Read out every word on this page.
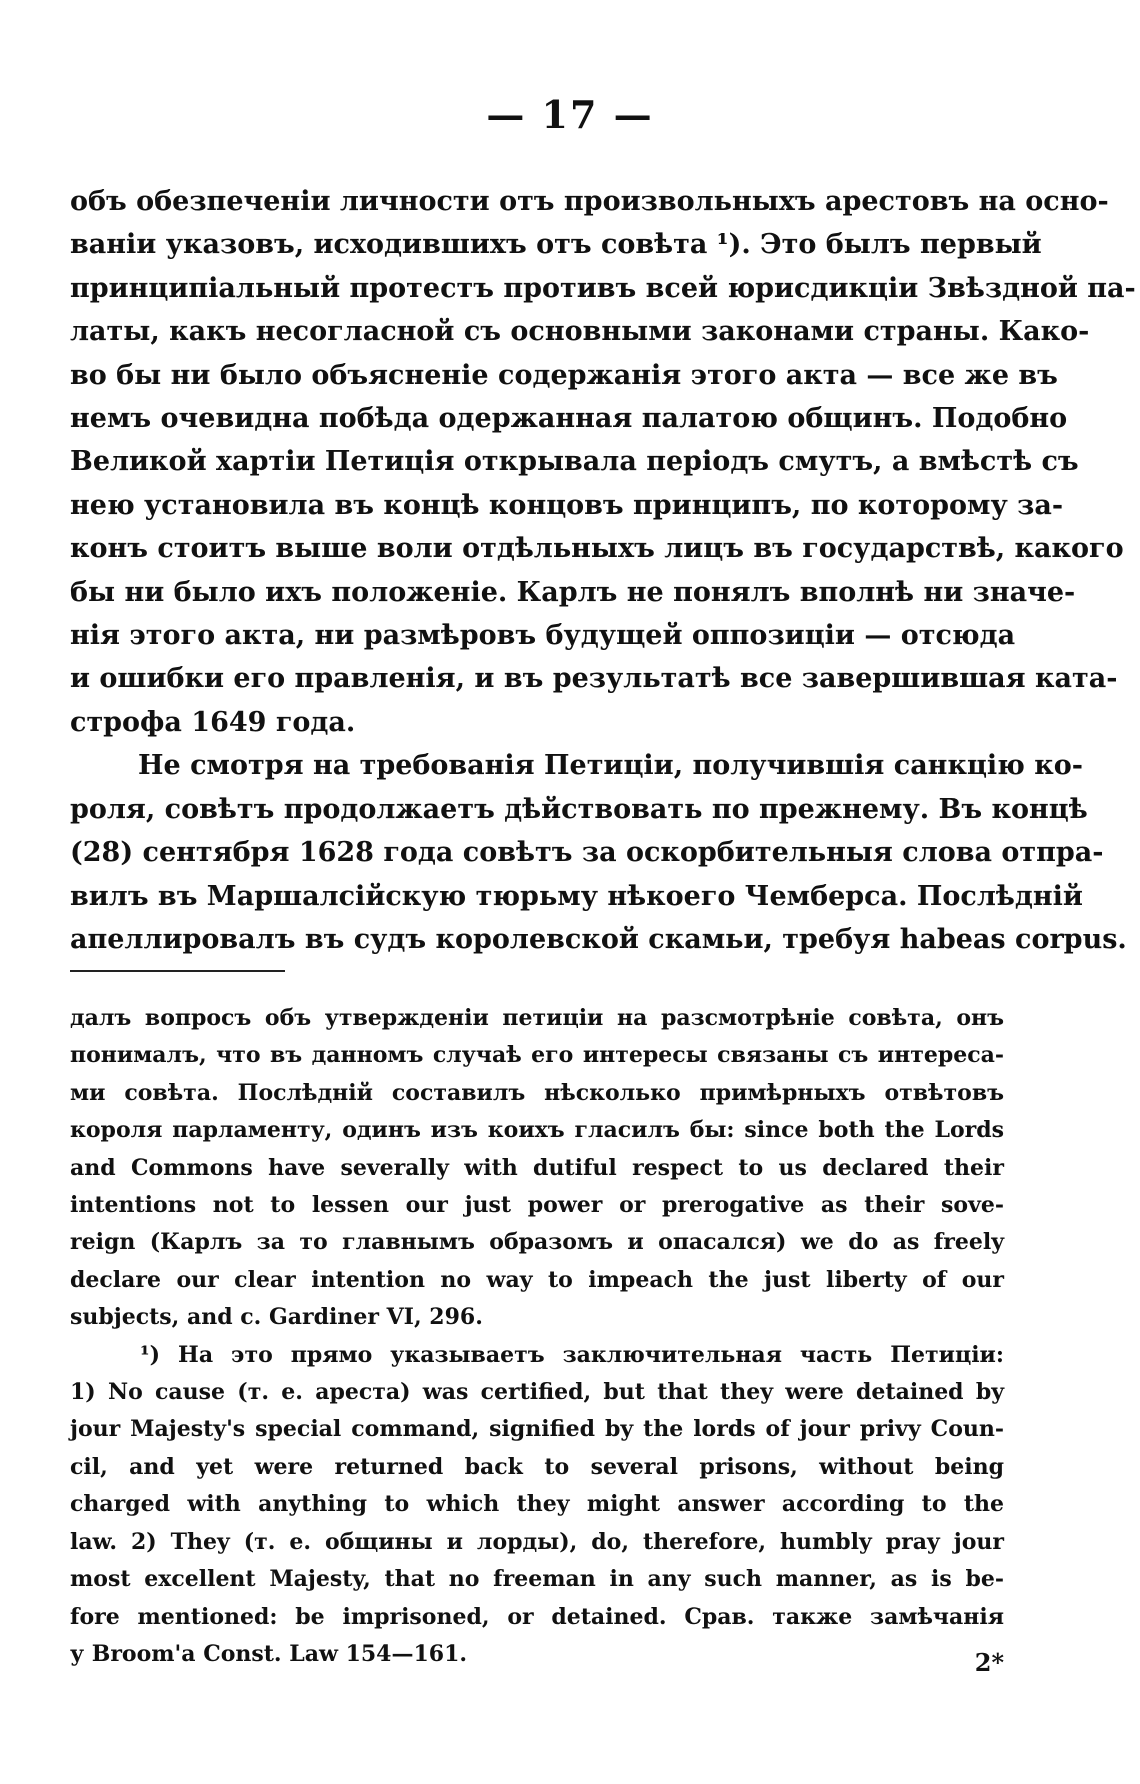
— 17 —
объ обезпеченіи личности отъ произвольныхъ арестовъ на осно-
ваніи указовъ, исходившихъ отъ совѣта ¹). Это былъ первый
принципіальный протестъ противъ всей юрисдикціи Звѣздной па-
латы, какъ несогласной съ основными законами страны. Како-
во бы ни было объясненіе содержанія этого акта — все же въ
немъ очевидна побѣда одержанная палатою общинъ. Подобно
Великой хартіи Петиція открывала періодъ смутъ, а вмѣстѣ съ
нею установила въ концѣ концовъ принципъ, по которому за-
конъ стоитъ выше воли отдѣльныхъ лицъ въ государствѣ, какого
бы ни было ихъ положеніе. Карлъ не понялъ вполнѣ ни значе-
нія этого акта, ни размѣровъ будущей оппозиціи — отсюда
и ошибки его правленія, и въ результатѣ все завершившая ката-
строфа 1649 года.
Не смотря на требованія Петиціи, получившія санкцію ко-
роля, совѣтъ продолжаетъ дѣйствовать по прежнему. Въ концѣ
(28) сентября 1628 года совѣтъ за оскорбительныя слова отпра-
вилъ въ Маршалсійскую тюрьму нѣкоего Чемберса. Послѣдній
апеллировалъ въ судъ королевской скамьи, требуя habeas corpus.
далъ вопросъ объ утвержденіи петиціи на разсмотрѣніе совѣта, онъ
понималъ, что въ данномъ случаѣ его интересы связаны съ интереса-
ми совѣта. Послѣдній составилъ нѣсколько примѣрныхъ отвѣтовъ
короля парламенту, одинъ изъ коихъ гласилъ бы: since both the Lords
and Commons have severally with dutiful respect to us declared their
intentions not to lessen our just power or prerogative as their sove-
reign (Карлъ за то главнымъ образомъ и опасался) we do as freely
declare our clear intention no way to impeach the just liberty of our
subjects, and c. Gardiner VI, 296.
¹) На это прямо указываетъ заключительная часть Петиціи:
1) No cause (т. е. ареста) was certified, but that they were detained by
jour Majesty's special command, signified by the lords of jour privy Coun-
cil, and yet were returned back to several prisons, without being
charged with anything to which they might answer according to the
law. 2) They (т. е. общины и лорды), do, therefore, humbly pray jour
most excellent Majesty, that no freeman in any such manner, as is be-
fore mentioned: be imprisoned, or detained. Срав. также замѣчанія
у Broom'a Const. Law 154—161.	2*
